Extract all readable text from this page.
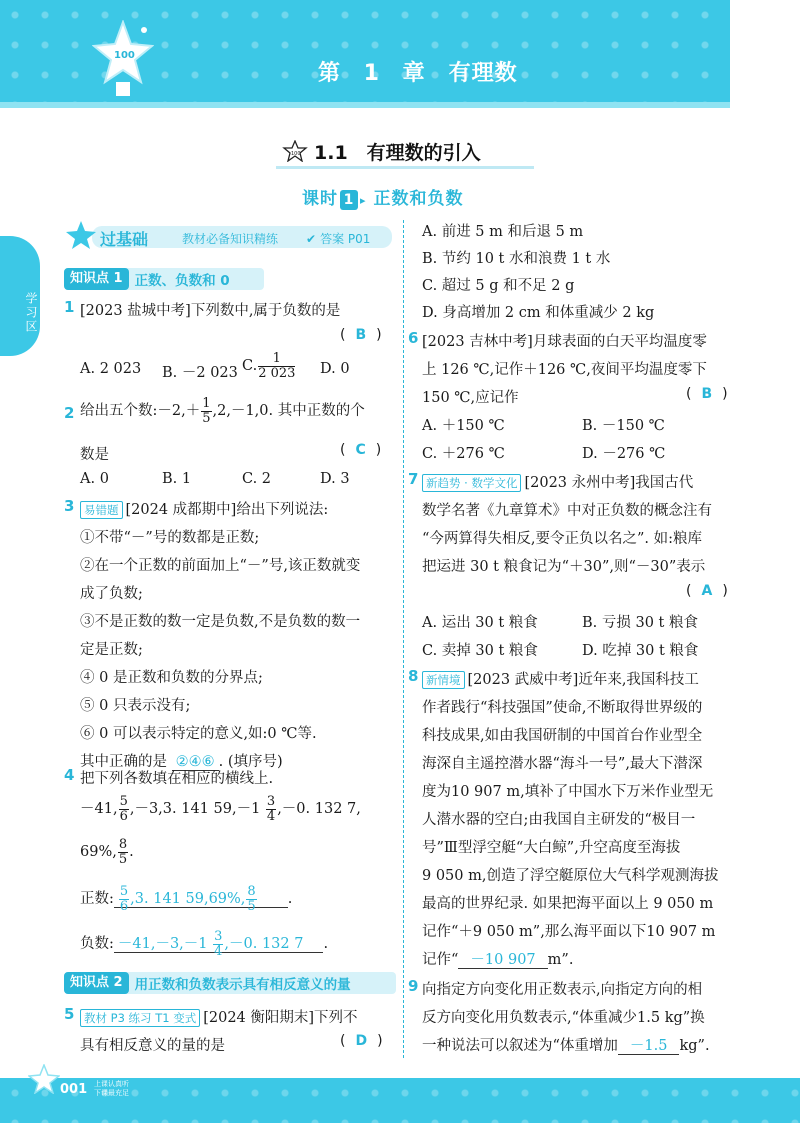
100
第 1 章　有理数
学习区
100 1.1　有理数的引入
课时 1 ▸ 正数和负数
过基础	教材必备知识精练 ✔ 答案 P01
知识点 1 正数、负数和 0
1 [2023 盐城中考]下列数中,属于负数的是
( B )
A. 2 023 B. －2 023 C. $\frac{1}{2 023} D$. 0
2 给出五个数:－2,＋ $\frac{1}{5} ,2,-1,0$. 其中正数的个
数是	( C )
A. 0	B. 1	C. 2	D. 3
3 易错题 [2024 成都期中]给出下列说法:
①不带“－”号的数都是正数;
②在一个正数的前面加上“－”号,该正数就变
成了负数;
③不是正数的数一定是负数,不是负数的数一
定是正数;
④ 0 是正数和负数的分界点;
⑤ 0 只表示没有;
⑥ 0 可以表示特定的意义,如:0 ℃等.
其中正确的是 ②④⑥ . (填序号)
4 把下列各数填在相应的横线上.
－41, $\frac{5}{6} ,-3,3$. 141 $59,-1 \frac{3}{4} ,-0$. 132 7,
69%, $\frac{8}{5}$ .
正数: $\frac{5}{6} ,3$. 141 59,69%, $\frac{8}{5}$ .
负数: $-41,-3,-1 \frac{3}{4} ,-0$. 132 7 .
知识点 2 用正数和负数表示具有相反意义的量
5 教材 P3 练习 T1 变式 [2024 衡阳期末]下列不
具有相反意义的量的是	( D )
A. 前进 5 m 和后退 5 m
B. 节约 10 t 水和浪费 1 t 水
C. 超过 5 g 和不足 2 g
D. 身高增加 2 cm 和体重减少 2 kg
6 [2023 吉林中考]月球表面的白天平均温度零
上 126 ℃,记作＋126 ℃,夜间平均温度零下
150 ℃,应记作	( B )
A. ＋150 ℃	B. －150 ℃
C. ＋276 ℃	D. －276 ℃
7 新趋势 · 数学文化 [2023 永州中考]我国古代
数学名著《九章算术》中对正负数的概念注有
“今两算得失相反,要令正负以名之”. 如:粮库
把运进 30 t 粮食记为“＋30”,则“－30”表示
( A )
A. 运出 30 t 粮食	B. 亏损 30 t 粮食
C. 卖掉 30 t 粮食	D. 吃掉 30 t 粮食
8 新情境 [2023 武威中考]近年来,我国科技工
作者践行“科技强国”使命,不断取得世界级的
科技成果,如由我国研制的中国首台作业型全
海深自主遥控潜水器“海斗一号”,最大下潜深
度为10 907 m,填补了中国水下万米作业型无
人潜水器的空白;由我国自主研发的“极目一
号”Ⅲ型浮空艇“大白鲸”,升空高度至海拔
9 050 m,创造了浮空艇原位大气科学观测海拔
最高的世界纪录. 如果把海平面以上 9 050 m
记作“＋9 050 m”,那么海平面以下10 907 m
记作“ －10 907 m”.
9 向指定方向变化用正数表示,向指定方向的相
反方向变化用负数表示,“体重减少1.5 kg”换
一种说法可以叙述为“体重增加 －1.5 kg”.
001 上课认真听 下课最充足
